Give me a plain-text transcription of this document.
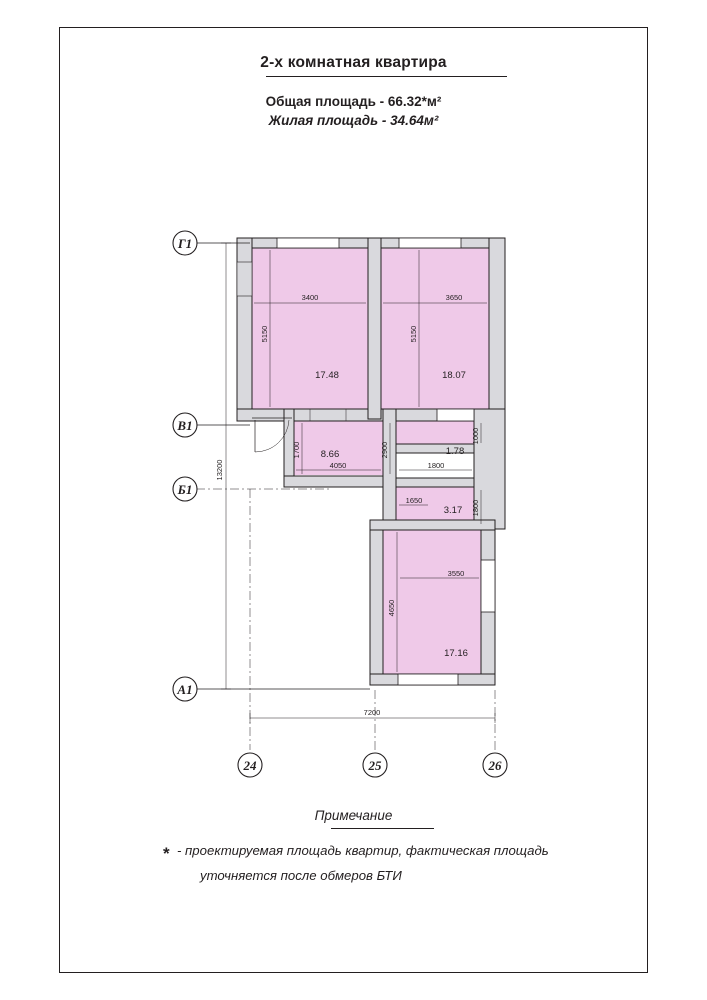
2-х комнатная квартира
Общая площадь - 66.32*м²
Жилая площадь - 34.64м²
Г1
В1
Б1
А1
13200
24	25	26
7200
3400
5150
3650
5150
4050
1700	2900
1000
1800
1650	1800
3550
4650
17.48	18.07
8.66	1.78
3.17
17.16
Примечание
* - проектируемая площадь квартир, фактическая площадь
уточняется после обмеров БТИ
